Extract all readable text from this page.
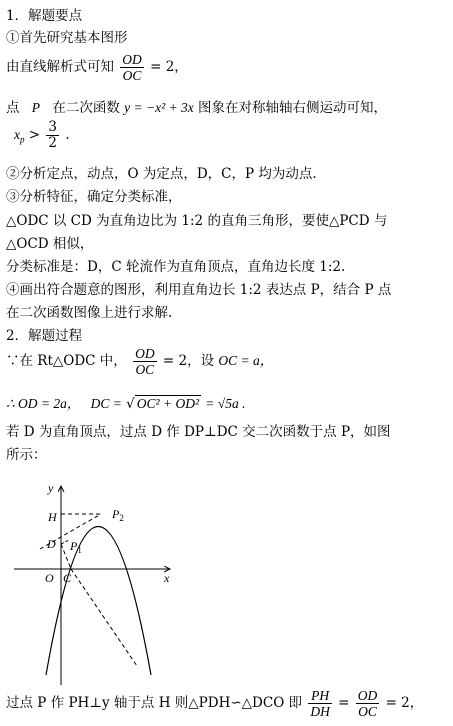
1．解题要点
①首先研究基本图形
由直线解析式可知 $\frac{OD}{OC} = 2$，
点 P 在二次函数 y = −x² + 3x 图象在对称轴轴右侧运动可知，
$x_p > \frac{3}{2}$ .
②分析定点，动点，O 为定点，D，C，P 均为动点.
③分析特征，确定分类标准，
△ODC 以 CD 为直角边比为 1:2 的直角三角形，要使△PCD 与
△OCD 相似，
分类标准是：D，C 轮流作为直角顶点，直角边长度 1:2.
④画出符合题意的图形，利用直角边长 1:2 表达点 P，结合 P 点
在二次函数图像上进行求解.
2．解题过程
∵在 Rt△ODC 中， $\frac{OD}{OC} = 2$，设 OC = a，
∴ OD = 2a， DC = √ OC² + OD² = √5a .
若 D 为直角顶点，过点 D 作 DP⊥DC 交二次函数于点 P，如图
所示：
y
x
O C
H
D $P_1$
$P_2$
过点 P 作 PH⊥y 轴于点 H 则△PDH∽△DCO 即 $\frac{PH}{DH} = \frac{OD}{OC} = 2$，
